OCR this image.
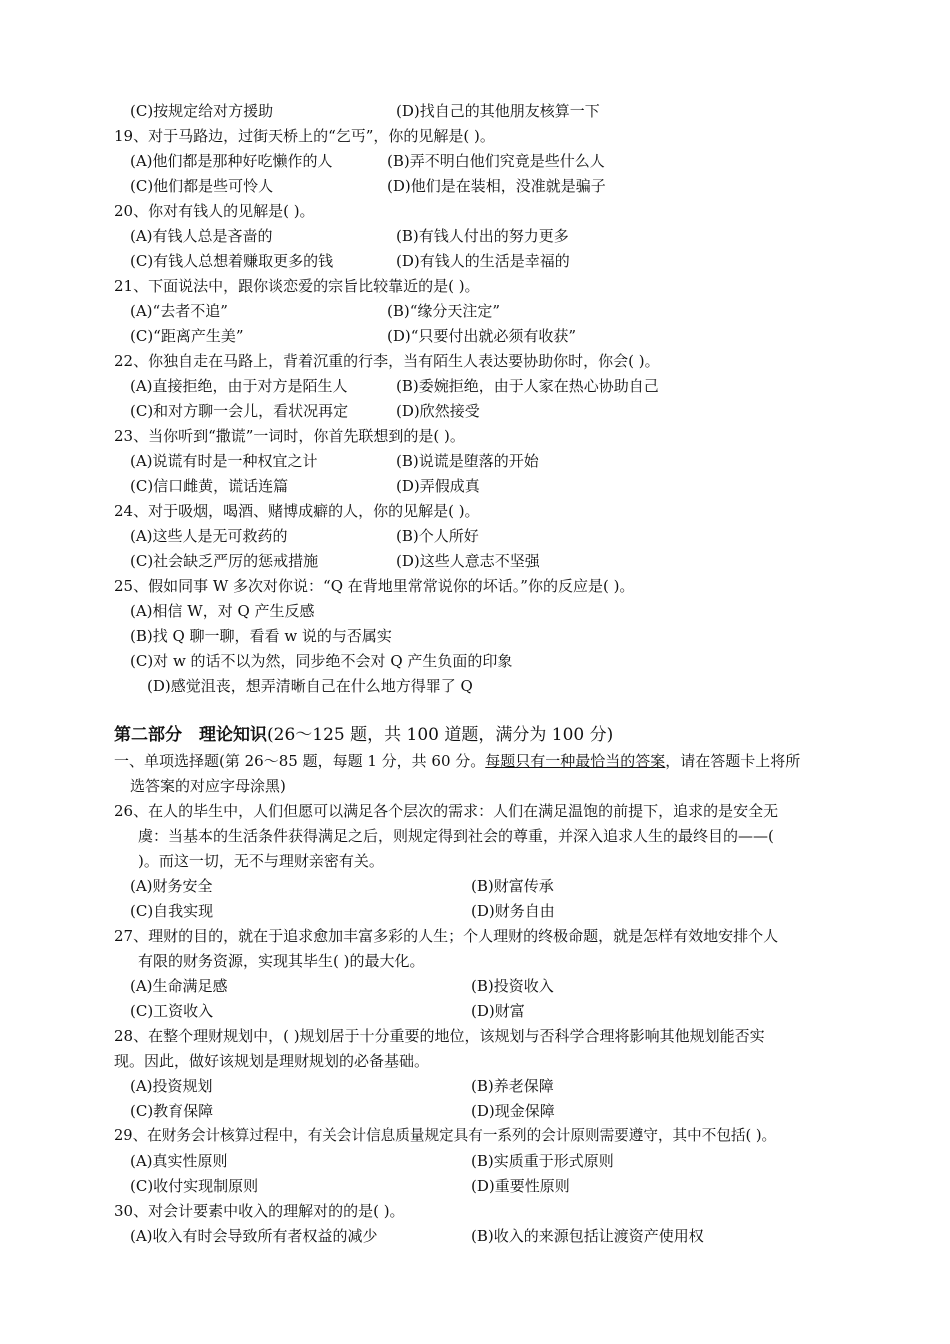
(C)按规定给对方援助	(D)找自己的其他朋友核算一下
19、对于马路边，过街天桥上的“乞丐”，你的见解是( )。
(A)他们都是那种好吃懒作的人	(B)弄不明白他们究竟是些什么人
(C)他们都是些可怜人	(D)他们是在装相，没准就是骗子
20、你对有钱人的见解是( )。
(A)有钱人总是吝啬的	(B)有钱人付出的努力更多
(C)有钱人总想着赚取更多的钱	(D)有钱人的生活是幸福的
21、下面说法中，跟你谈恋爱的宗旨比较靠近的是( )。
(A)“去者不追”	(B)“缘分天注定”
(C)“距离产生美”	(D)“只要付出就必须有收获”
22、你独自走在马路上，背着沉重的行李，当有陌生人表达要协助你时，你会( )。
(A)直接拒绝，由于对方是陌生人	(B)委婉拒绝，由于人家在热心协助自己
(C)和对方聊一会儿，看状况再定	(D)欣然接受
23、当你听到“撒谎”一词时，你首先联想到的是( )。
(A)说谎有时是一种权宜之计	(B)说谎是堕落的开始
(C)信口雌黄，谎话连篇	(D)弄假成真
24、对于吸烟，喝酒、赌博成癖的人，你的见解是( )。
(A)这些人是无可救药的	(B)个人所好
(C)社会缺乏严厉的惩戒措施	(D)这些人意志不坚强
25、假如同事 W 多次对你说：“Q 在背地里常常说你的坏话。”你的反应是( )。
(A)相信 W，对 Q 产生反感
(B)找 Q 聊一聊，看看 w 说的与否属实
(C)对 w 的话不以为然，同步绝不会对 Q 产生负面的印象
(D)感觉沮丧，想弄清晰自己在什么地方得罪了 Q
第二部分　理论知识(26～125 题，共 100 道题，满分为 100 分)
一、单项选择题(第 26～85 题，每题 1 分，共 60 分。每题只有一种最恰当的答案，请在答题卡上将所
选答案的对应字母涂黑)
26、在人的毕生中，人们但愿可以满足各个层次的需求：人们在满足温饱的前提下，追求的是安全无
虞：当基本的生活条件获得满足之后，则规定得到社会的尊重，并深入追求人生的最终目的——(
)。而这一切，无不与理财亲密有关。
(A)财务安全	(B)财富传承
(C)自我实现	(D)财务自由
27、理财的目的，就在于追求愈加丰富多彩的人生；个人理财的终极命题，就是怎样有效地安排个人
有限的财务资源，实现其毕生( )的最大化。
(A)生命满足感	(B)投资收入
(C)工资收入	(D)财富
28、在整个理财规划中，( )规划居于十分重要的地位，该规划与否科学合理将影响其他规划能否实
现。因此，做好该规划是理财规划的必备基础。
(A)投资规划	(B)养老保障
(C)教育保障	(D)现金保障
29、在财务会计核算过程中，有关会计信息质量规定具有一系列的会计原则需要遵守，其中不包括( )。
(A)真实性原则	(B)实质重于形式原则
(C)收付实现制原则	(D)重要性原则
30、对会计要素中收入的理解对的的是( )。
(A)收入有时会导致所有者权益的减少	(B)收入的来源包括让渡资产使用权
